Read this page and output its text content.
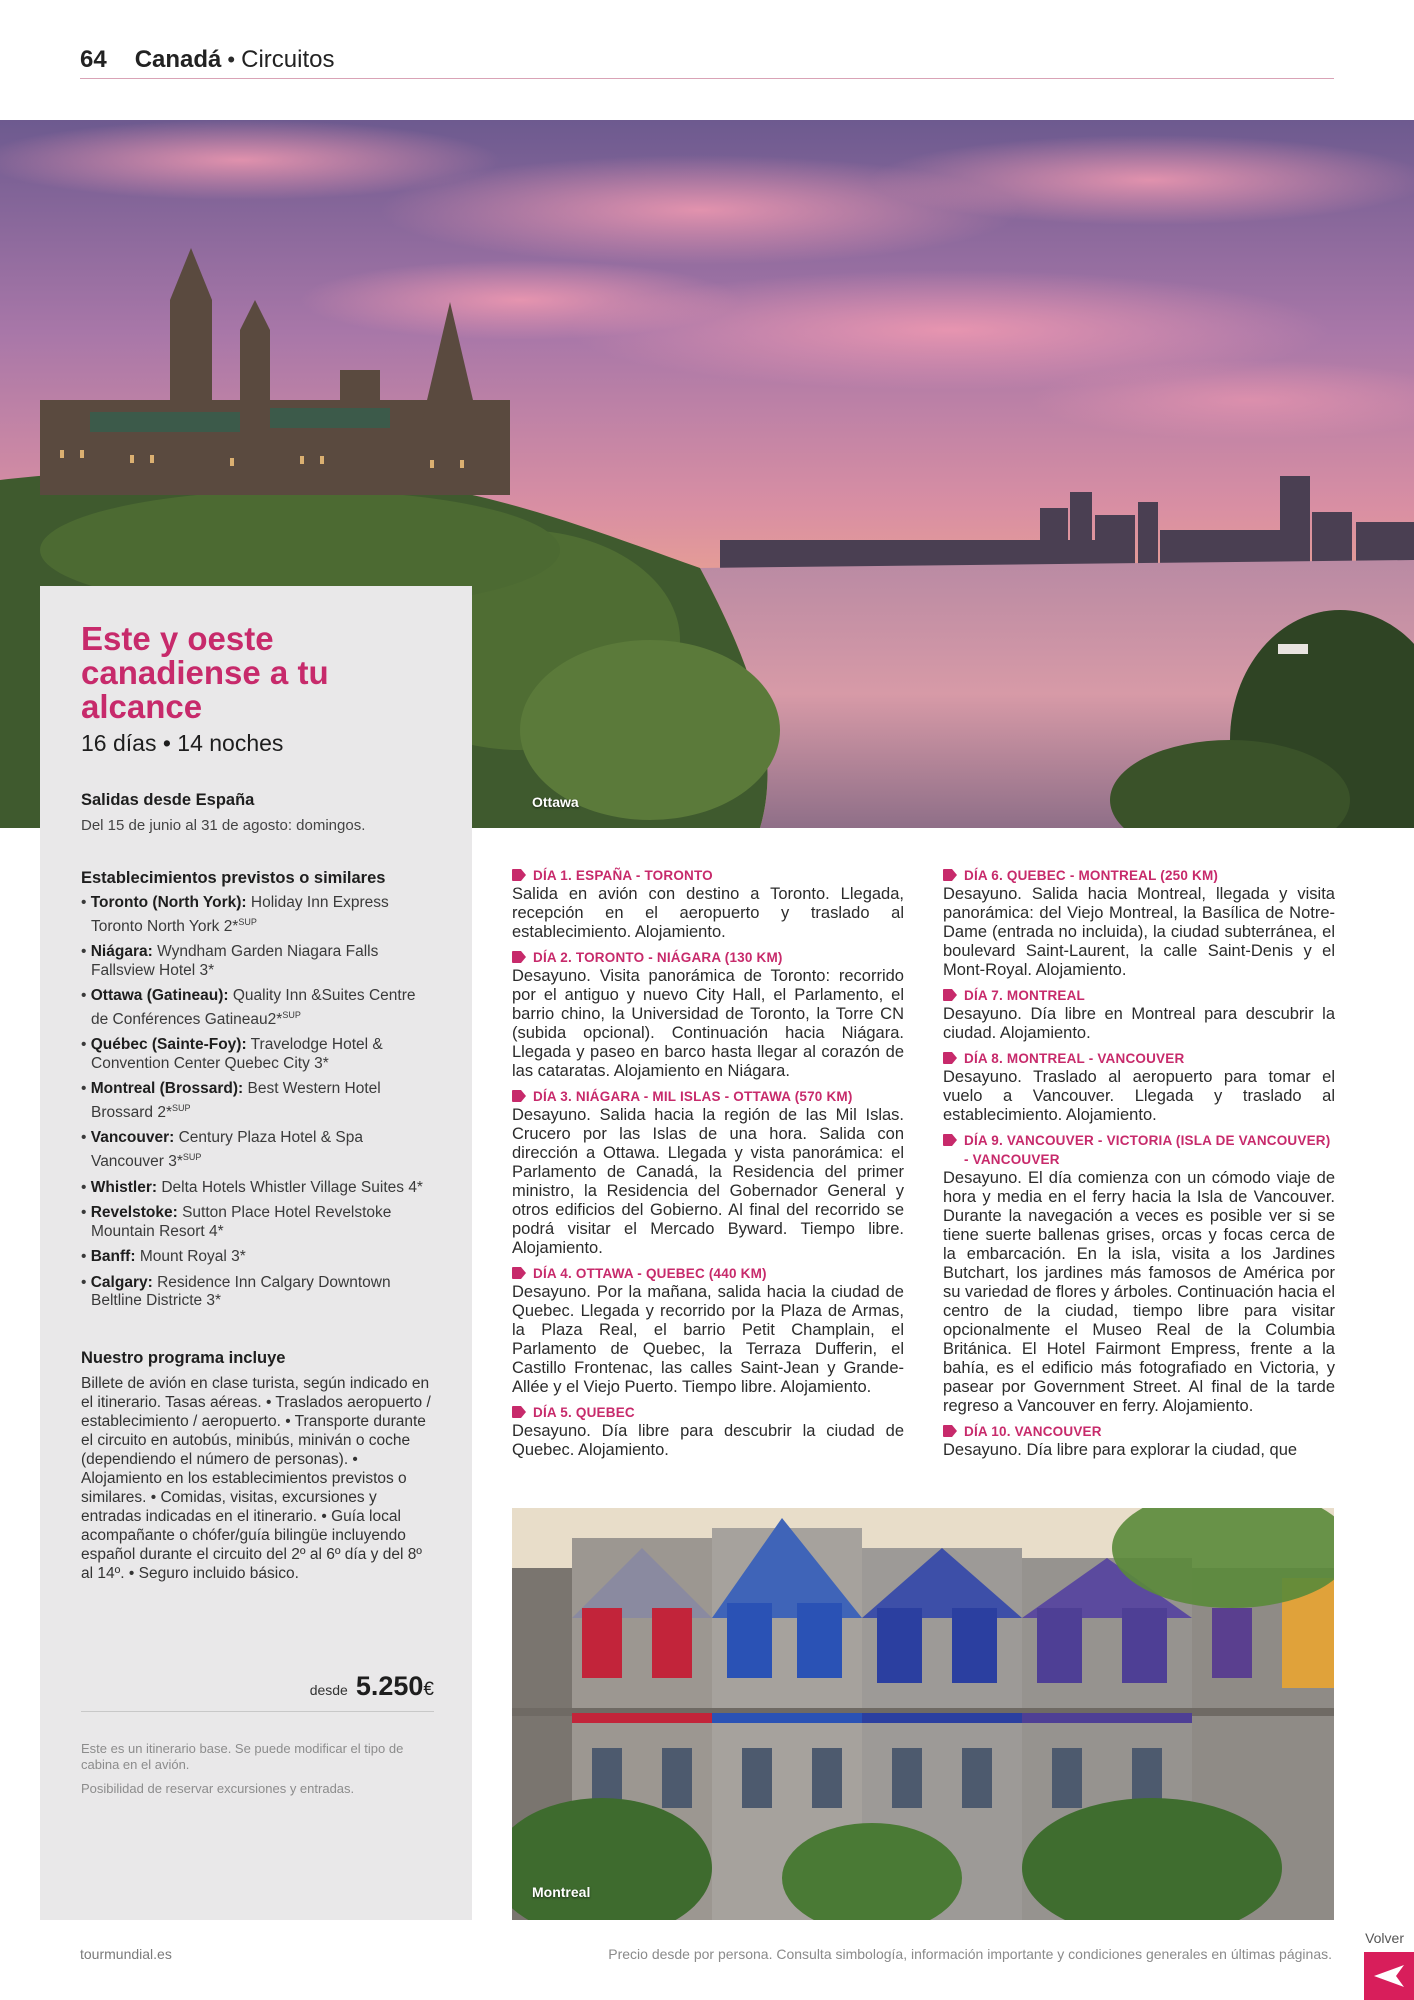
64 Canadá • Circuitos
Ottawa
Este y oeste canadiense a tu alcance
16 días • 14 noches
Salidas desde España
Del 15 de junio al 31 de agosto: domingos.
Establecimientos previstos o similares
• Toronto (North York): Holiday Inn Express Toronto North York 2*$^{SUP}$
• Niágara: Wyndham Garden Niagara Falls Fallsview Hotel 3*
• Ottawa (Gatineau): Quality Inn &Suites Centre de Conférences Gatineau2*$^{SUP}$
• Québec (Sainte-Foy): Travelodge Hotel & Convention Center Quebec City 3*
• Montreal (Brossard): Best Western Hotel Brossard 2*$^{SUP}$
• Vancouver: Century Plaza Hotel & Spa Vancouver 3*$^{SUP}$
• Whistler: Delta Hotels Whistler Village Suites 4*
• Revelstoke: Sutton Place Hotel Revelstoke Mountain Resort 4*
• Banff: Mount Royal 3*
• Calgary: Residence Inn Calgary Downtown Beltline Districte 3*
Nuestro programa incluye
Billete de avión en clase turista, según indicado en el itinerario. Tasas aéreas. • Traslados aeropuerto / establecimiento / aeropuerto. • Transporte durante el circuito en autobús, minibús, miniván o coche (dependiendo el número de personas). • Alojamiento en los establecimientos previstos o similares. • Comidas, visitas, excursiones y entradas indicadas en el itinerario. • Guía local acompañante o chófer/guía bilingüe incluyendo español durante el circuito del 2º al 6º día y del 8º al 14º. • Seguro incluido básico.
desde 5.250€

Este es un itinerario base. Se puede modificar el tipo de cabina en el avión.

Posibilidad de reservar excursiones y entradas.

DÍA 1. ESPAÑA - TORONTO
Salida en avión con destino a Toronto. Llegada, recepción en el aeropuerto y traslado al establecimiento. Alojamiento.
DÍA 2. TORONTO - NIÁGARA (130 KM)
Desayuno. Visita panorámica de Toronto: recorrido por el antiguo y nuevo City Hall, el Parlamento, el barrio chino, la Universidad de Toronto, la Torre CN (subida opcional). Continuación hacia Niágara. Llegada y paseo en barco hasta llegar al corazón de las cataratas. Alojamiento en Niágara.
DÍA 3. NIÁGARA - MIL ISLAS - OTTAWA (570 KM)
Desayuno. Salida hacia la región de las Mil Islas. Crucero por las Islas de una hora. Salida con dirección a Ottawa. Llegada y vista panorámica: el Parlamento de Canadá, la Residencia del primer ministro, la Residencia del Gobernador General y otros edificios del Gobierno. Al final del recorrido se podrá visitar el Mercado Byward. Tiempo libre. Alojamiento.
DÍA 4. OTTAWA - QUEBEC (440 KM)
Desayuno. Por la mañana, salida hacia la ciudad de Quebec. Llegada y recorrido por la Plaza de Armas, la Plaza Real, el barrio Petit Champlain, el Parlamento de Quebec, la Terraza Dufferin, el Castillo Frontenac, las calles Saint-Jean y Grande-Allée y el Viejo Puerto. Tiempo libre. Alojamiento.
DÍA 5. QUEBEC
Desayuno. Día libre para descubrir la ciudad de Quebec. Alojamiento.
DÍA 6. QUEBEC - MONTREAL (250 KM)
Desayuno. Salida hacia Montreal, llegada y visita panorámica: del Viejo Montreal, la Basílica de Notre-Dame (entrada no incluida), la ciudad subterránea, el boulevard Saint-Laurent, la calle Saint-Denis y el Mont-Royal. Alojamiento.
DÍA 7. MONTREAL
Desayuno. Día libre en Montreal para descubrir la ciudad. Alojamiento.
DÍA 8. MONTREAL - VANCOUVER
Desayuno. Traslado al aeropuerto para tomar el vuelo a Vancouver. Llegada y traslado al establecimiento. Alojamiento.
DÍA 9. VANCOUVER - VICTORIA (ISLA DE VANCOUVER) - VANCOUVER
Desayuno. El día comienza con un cómodo viaje de hora y media en el ferry hacia la Isla de Vancouver. Durante la navegación a veces es posible ver si se tiene suerte ballenas grises, orcas y focas cerca de la embarcación. En la isla, visita a los Jardines Butchart, los jardines más famosos de América por su variedad de flores y árboles. Continuación hacia el centro de la ciudad, tiempo libre para visitar opcionalmente el Museo Real de la Columbia Británica. El Hotel Fairmont Empress, frente a la bahía, es el edificio más fotografiado en Victoria, y pasear por Government Street. Al final de la tarde regreso a Vancouver en ferry. Alojamiento.
DÍA 10. VANCOUVER
Desayuno. Día libre para explorar la ciudad, que
Montreal
tourmundial.es	Precio desde por persona. Consulta simbología, información importante y condiciones generales en últimas páginas.
Volver
